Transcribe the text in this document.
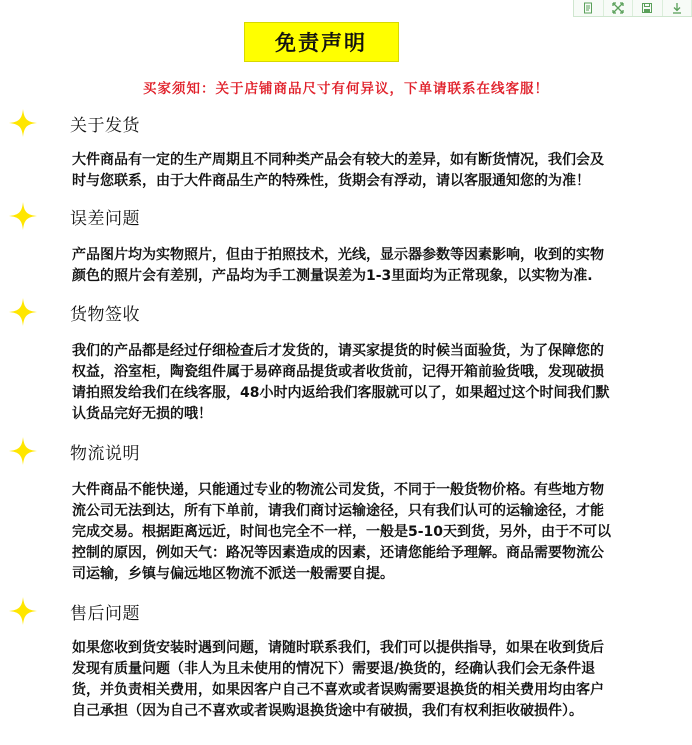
免责声明
买家须知：关于店铺商品尺寸有何异议，下单请联系在线客服！
关于发货

大件商品有一定的生产周期且不同种类产品会有较大的差异，如有断货情况，我们会及

时与您联系，由于大件商品生产的特殊性，货期会有浮动，请以客服通知您的为准！

误差问题

产品图片均为实物照片，但由于拍照技术，光线，显示器参数等因素影响，收到的实物

颜色的照片会有差别，产品均为手工测量误差为1-3里面均为正常现象，以实物为准.

货物签收

我们的产品都是经过仔细检查后才发货的，请买家提货的时候当面验货，为了保障您的

权益，浴室柜，陶瓷组件属于易碎商品提货或者收货前，记得开箱前验货哦，发现破损

请拍照发给我们在线客服，48小时内返给我们客服就可以了，如果超过这个时间我们默

认货品完好无损的哦！

物流说明

大件商品不能快递，只能通过专业的物流公司发货，不同于一般货物价格。有些地方物

流公司无法到达，所有下单前，请我们商讨运输途径，只有我们认可的运输途径，才能

完成交易。根据距离远近，时间也完全不一样，一般是5-10天到货，另外，由于不可以

控制的原因，例如天气：路况等因素造成的因素，还请您能给予理解。商品需要物流公

司运输，乡镇与偏远地区物流不派送一般需要自提。

售后问题

如果您收到货安装时遇到问题，请随时联系我们，我们可以提供指导，如果在收到货后

发现有质量问题（非人为且未使用的情况下）需要退/换货的，经确认我们会无条件退

货，并负责相关费用，如果因客户自己不喜欢或者误购需要退换货的相关费用均由客户

自己承担（因为自己不喜欢或者误购退换货途中有破损，我们有权利拒收破损件）。
